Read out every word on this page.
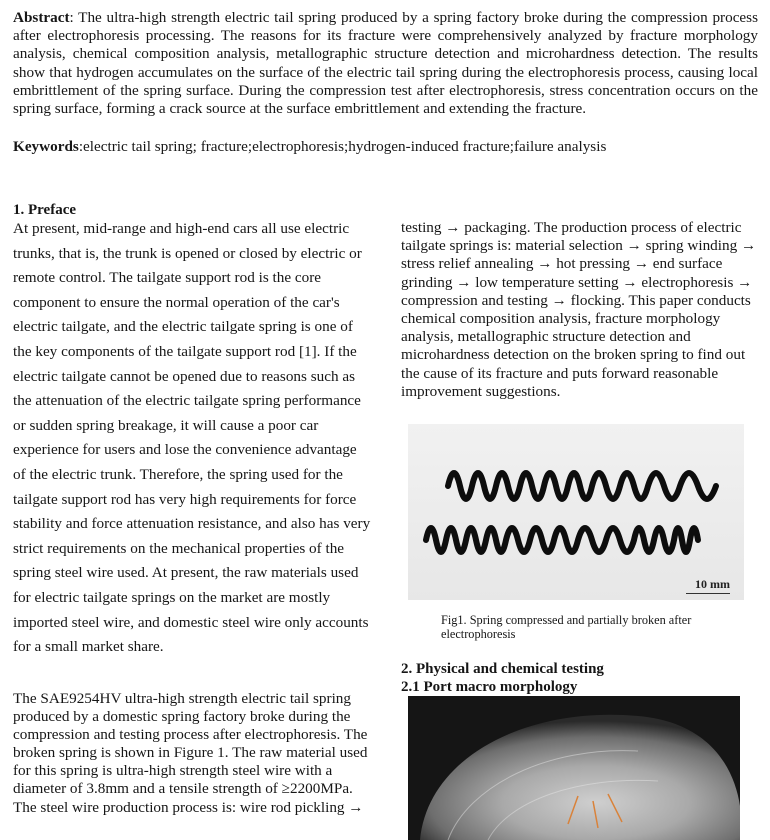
Abstract: The ultra-high strength electric tail spring produced by a spring factory broke during the compression process after electrophoresis processing. The reasons for its fracture were comprehensively analyzed by fracture morphology analysis, chemical composition analysis, metallographic structure detection and microhardness detection. The results show that hydrogen accumulates on the surface of the electric tail spring during the electrophoresis process, causing local embrittlement of the spring surface. During the compression test after electrophoresis, stress concentration occurs on the spring surface, forming a crack source at the surface embrittlement and extending the fracture.
Keywords:electric tail spring; fracture;electrophoresis;hydrogen-induced fracture;failure analysis
1. Preface
At present, mid-range and high-end cars all use electric trunks, that is, the trunk is opened or closed by electric or remote control. The tailgate support rod is the core component to ensure the normal operation of the car's electric tailgate, and the electric tailgate spring is one of the key components of the tailgate support rod [1]. If the electric tailgate cannot be opened due to reasons such as the attenuation of the electric tailgate spring performance or sudden spring breakage, it will cause a poor car experience for users and lose the convenience advantage of the electric trunk. Therefore, the spring used for the tailgate support rod has very high requirements for force stability and force attenuation resistance, and also has very strict requirements on the mechanical properties of the spring steel wire used. At present, the raw materials used for electric tailgate springs on the market are mostly imported steel wire, and domestic steel wire only accounts for a small market share.
The SAE9254HV ultra-high strength electric tail spring produced by a domestic spring factory broke during the compression and testing process after electrophoresis. The broken spring is shown in Figure 1. The raw material used for this spring is ultra-high strength steel wire with a diameter of 3.8mm and a tensile strength of ≥2200MPa. The steel wire production process is: wire rod pickling →
testing → packaging. The production process of electric tailgate springs is: material selection → spring winding → stress relief annealing → hot pressing → end surface grinding → low temperature setting → electrophoresis → compression and testing → flocking. This paper conducts chemical composition analysis, fracture morphology analysis, metallographic structure detection and microhardness detection on the broken spring to find out the cause of its fracture and puts forward reasonable improvement suggestions.
10 mm
Fig1. Spring compressed and partially broken after electrophoresis
2. Physical and chemical testing
2.1 Port macro morphology
